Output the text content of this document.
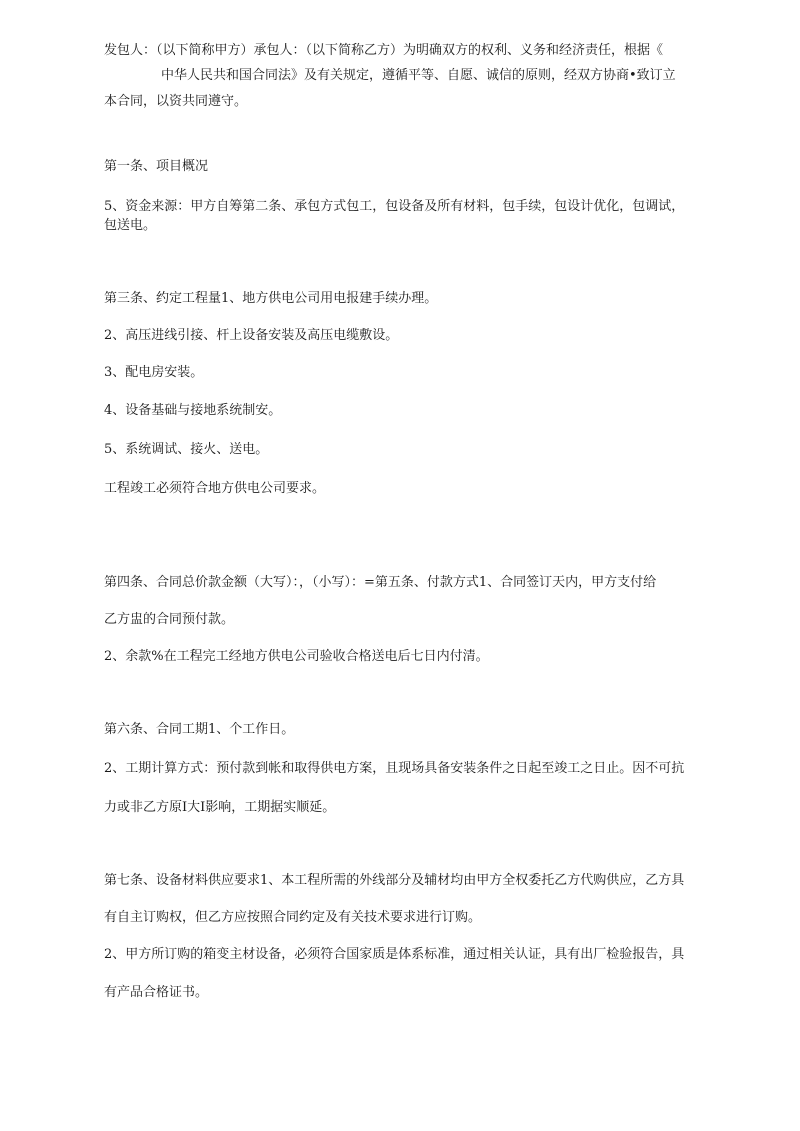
发包人：（以下简称甲方）承包人：（以下简称乙方）为明确双方的权利、义务和经济责任，根据《
中华人民共和国合同法》及有关规定，遵循平等、自愿、诚信的原则，经双方协商•致订立
本合同，以资共同遵守。
第一条、项目概况
5、资金来源：甲方自筹第二条、承包方式包工，包设备及所有材料，包手续，包设计优化，包调试，
包送电。
第三条、约定工程量1、地方供电公司用电报建手续办理。
2、高压进线引接、杆上设备安装及高压电缆敷设。
3、配电房安装。
4、设备基础与接地系统制安。
5、系统调试、接火、送电。
工程竣工必须符合地方供电公司要求。
第四条、合同总价款金额（大写）：，（小写）：=第五条、付款方式1、合同签订天内，甲方支付给
乙方盅的合同预付款。
2、余款%在工程完工经地方供电公司验收合格送电后七日内付清。
第六条、合同工期1、个工作日。
2、工期计算方式：预付款到帐和取得供电方案，且现场具备安装条件之日起至竣工之日止。因不可抗
力或非乙方原I大I影响，工期据实顺延。
第七条、设备材料供应要求1、本工程所需的外线部分及辅材均由甲方全权委托乙方代购供应，乙方具
有自主订购权，但乙方应按照合同约定及有关技术要求进行订购。
2、甲方所订购的箱变主材设备，必须符合国家质是体系标准，通过相关认证，具有出厂检验报告，具
有产品合格证书。
